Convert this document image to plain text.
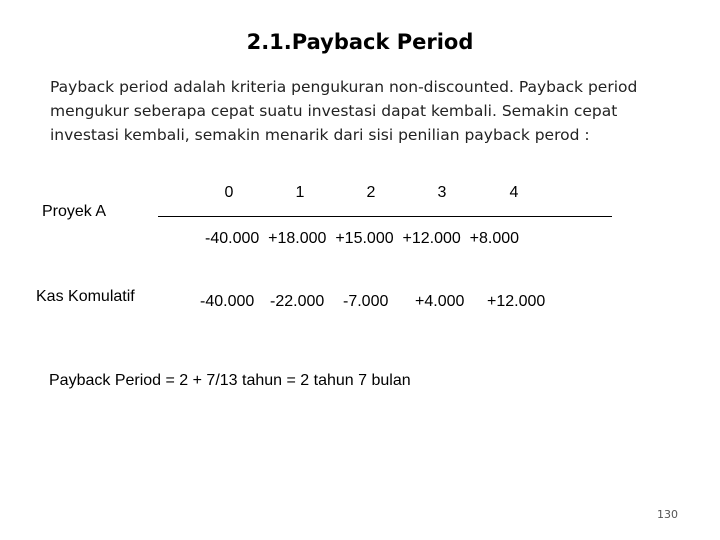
2.1.Payback Period
Payback period adalah kriteria pengukuran non-discounted. Payback period mengukur seberapa cepat suatu investasi dapat kembali. Semakin cepat investasi kembali, semakin menarik dari sisi penilian payback perod :
Proyek A
0	1	2	3	4
-40.000  +18.000  +15.000  +12.000  +8.000
Kas Komulatif	-40.000 -22.000 -7.000 +4.000 +12.000
Payback Period = 2 + 7/13 tahun = 2 tahun 7 bulan
130
